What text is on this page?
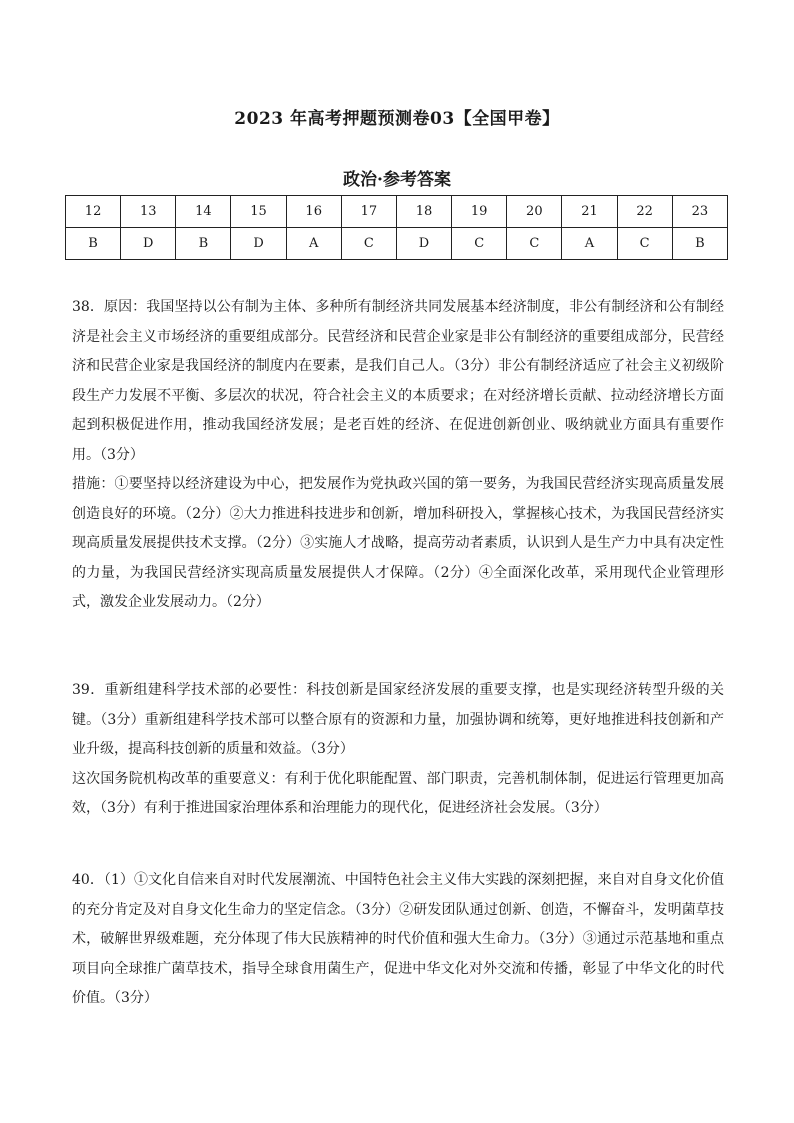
2023 年高考押题预测卷03【全国甲卷】
政治·参考答案
12	13	14	15	16	17	18	19	20	21	22	23
B	D	B	D	A	C	D	C	C	A	C	B

38．原因：我国坚持以公有制为主体、多种所有制经济共同发展基本经济制度，非公有制经济和公有制经济是社会主义市场经济的重要组成部分。民营经济和民营企业家是非公有制经济的重要组成部分，民营经济和民营企业家是我国经济的制度内在要素，是我们自己人。（3分）非公有制经济适应了社会主义初级阶段生产力发展不平衡、多层次的状况，符合社会主义的本质要求；在对经济增长贡献、拉动经济增长方面起到积极促进作用，推动我国经济发展；是老百姓的经济、在促进创新创业、吸纳就业方面具有重要作用。（3分）

措施：①要坚持以经济建设为中心，把发展作为党执政兴国的第一要务，为我国民营经济实现高质量发展创造良好的环境。（2分）②大力推进科技进步和创新，增加科研投入，掌握核心技术，为我国民营经济实现高质量发展提供技术支撑。（2分）③实施人才战略，提高劳动者素质，认识到人是生产力中具有决定性的力量，为我国民营经济实现高质量发展提供人才保障。（2分）④全面深化改革，采用现代企业管理形式，激发企业发展动力。（2分）

39．重新组建科学技术部的必要性：科技创新是国家经济发展的重要支撑，也是实现经济转型升级的关键。（3分）重新组建科学技术部可以整合原有的资源和力量，加强协调和统筹，更好地推进科技创新和产业升级，提高科技创新的质量和效益。（3分）

这次国务院机构改革的重要意义：有利于优化职能配置、部门职责，完善机制体制，促进运行管理更加高效，（3分）有利于推进国家治理体系和治理能力的现代化，促进经济社会发展。（3分）

40．（1）①文化自信来自对时代发展潮流、中国特色社会主义伟大实践的深刻把握，来自对自身文化价值的充分肯定及对自身文化生命力的坚定信念。（3分）②研发团队通过创新、创造，不懈奋斗，发明菌草技术，破解世界级难题，充分体现了伟大民族精神的时代价值和强大生命力。（3分）③通过示范基地和重点项目向全球推广菌草技术，指导全球食用菌生产，促进中华文化对外交流和传播，彰显了中华文化的时代价值。（3分）
